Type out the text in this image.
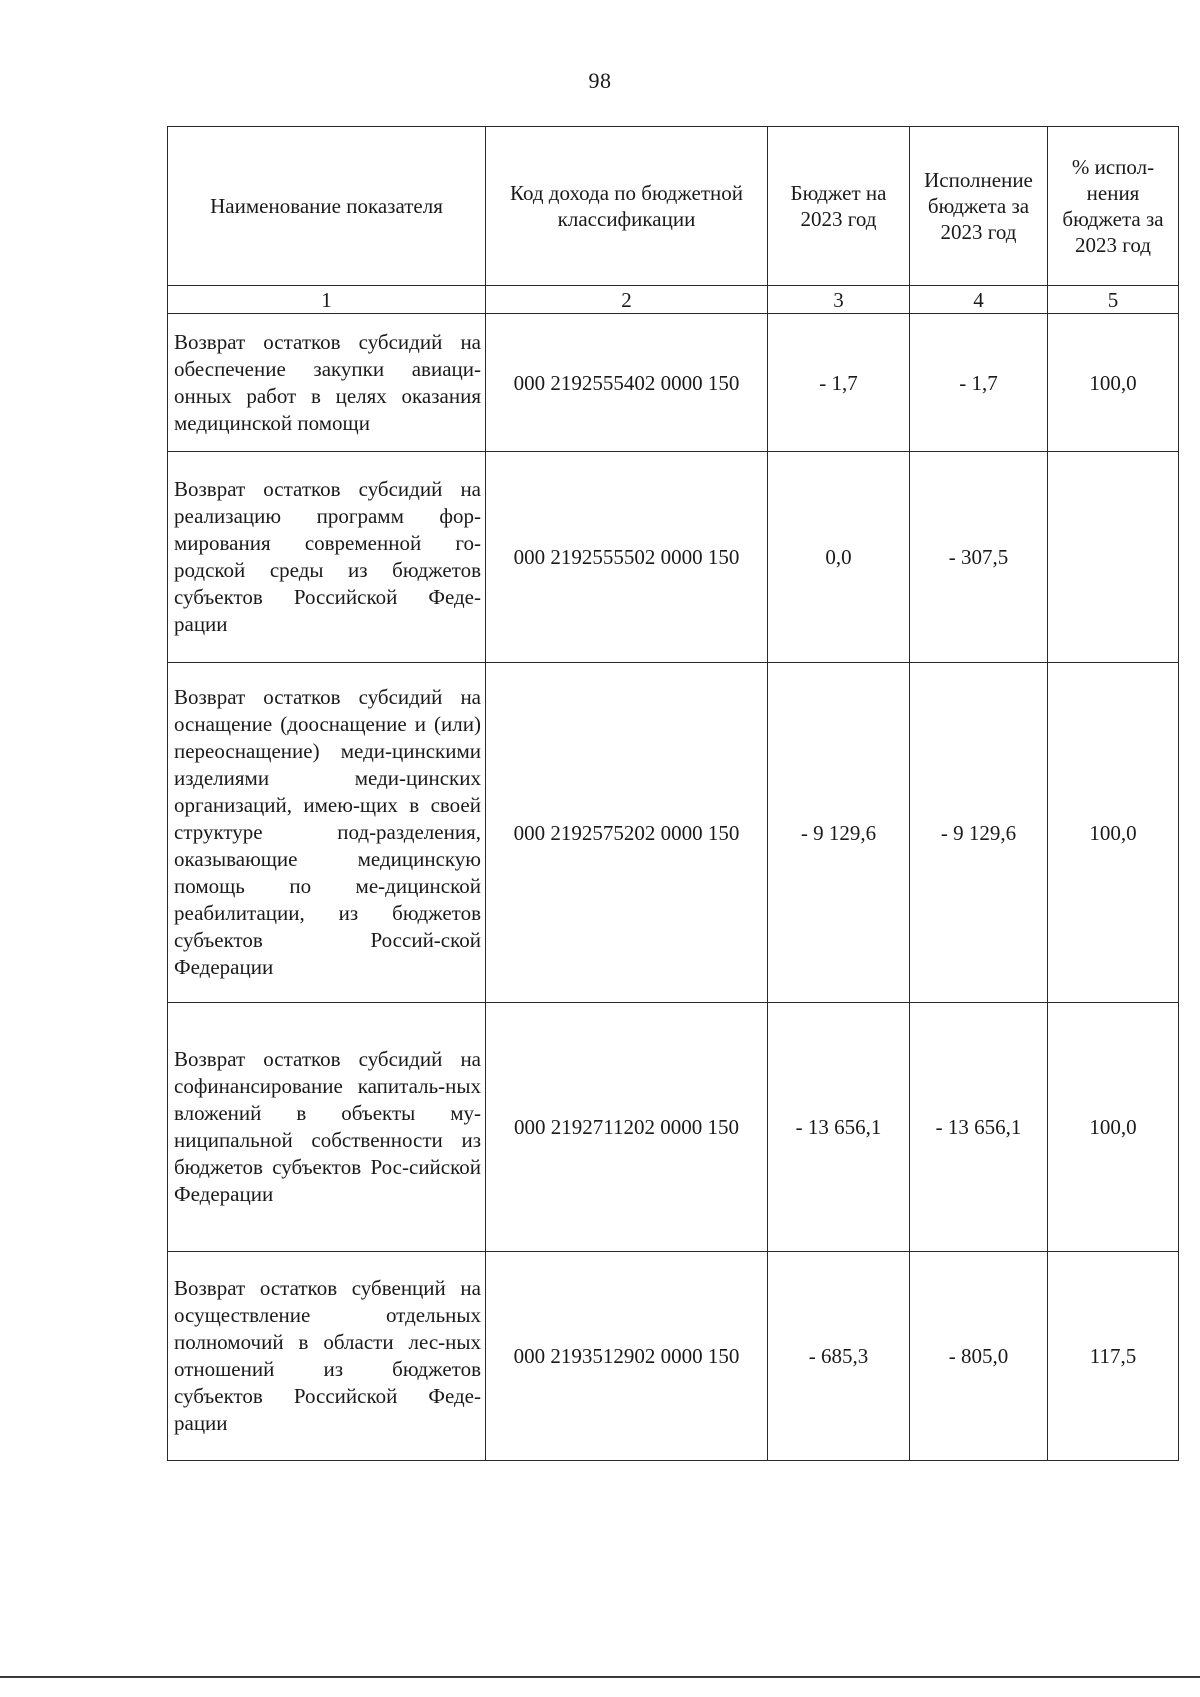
98
Наименование показателя	Код дохода по бюджетной классификации	Бюджет на 2023 год	Исполнение бюджета за 2023 год	% испол-нения бюджета за 2023 год
1	2	3	4	5
Возврат остатков субсидий на обеспечение закупки авиаци-онных работ в целях оказания медицинской помощи	000 2192555402 0000 150	- 1,7	- 1,7	100,0
Возврат остатков субсидий на реализацию программ фор-мирования современной го-родской среды из бюджетов субъектов Российской Феде-рации	000 2192555502 0000 150	0,0	- 307,5	
Возврат остатков субсидий на оснащение (дооснащение и (или) переоснащение) меди-цинскими изделиями меди-цинских организаций, имею-щих в своей структуре под-разделения, оказывающие медицинскую помощь по ме-дицинской реабилитации, из бюджетов субъектов Россий-ской Федерации	000 2192575202 0000 150	- 9 129,6	- 9 129,6	100,0
Возврат остатков субсидий на софинансирование капиталь-ных вложений в объекты му-ниципальной собственности из бюджетов субъектов Рос-сийской Федерации	000 2192711202 0000 150	- 13 656,1	- 13 656,1	100,0
Возврат остатков субвенций на осуществление отдельных полномочий в области лес-ных отношений из бюджетов субъектов Российской Феде-рации	000 2193512902 0000 150	- 685,3	- 805,0	117,5
